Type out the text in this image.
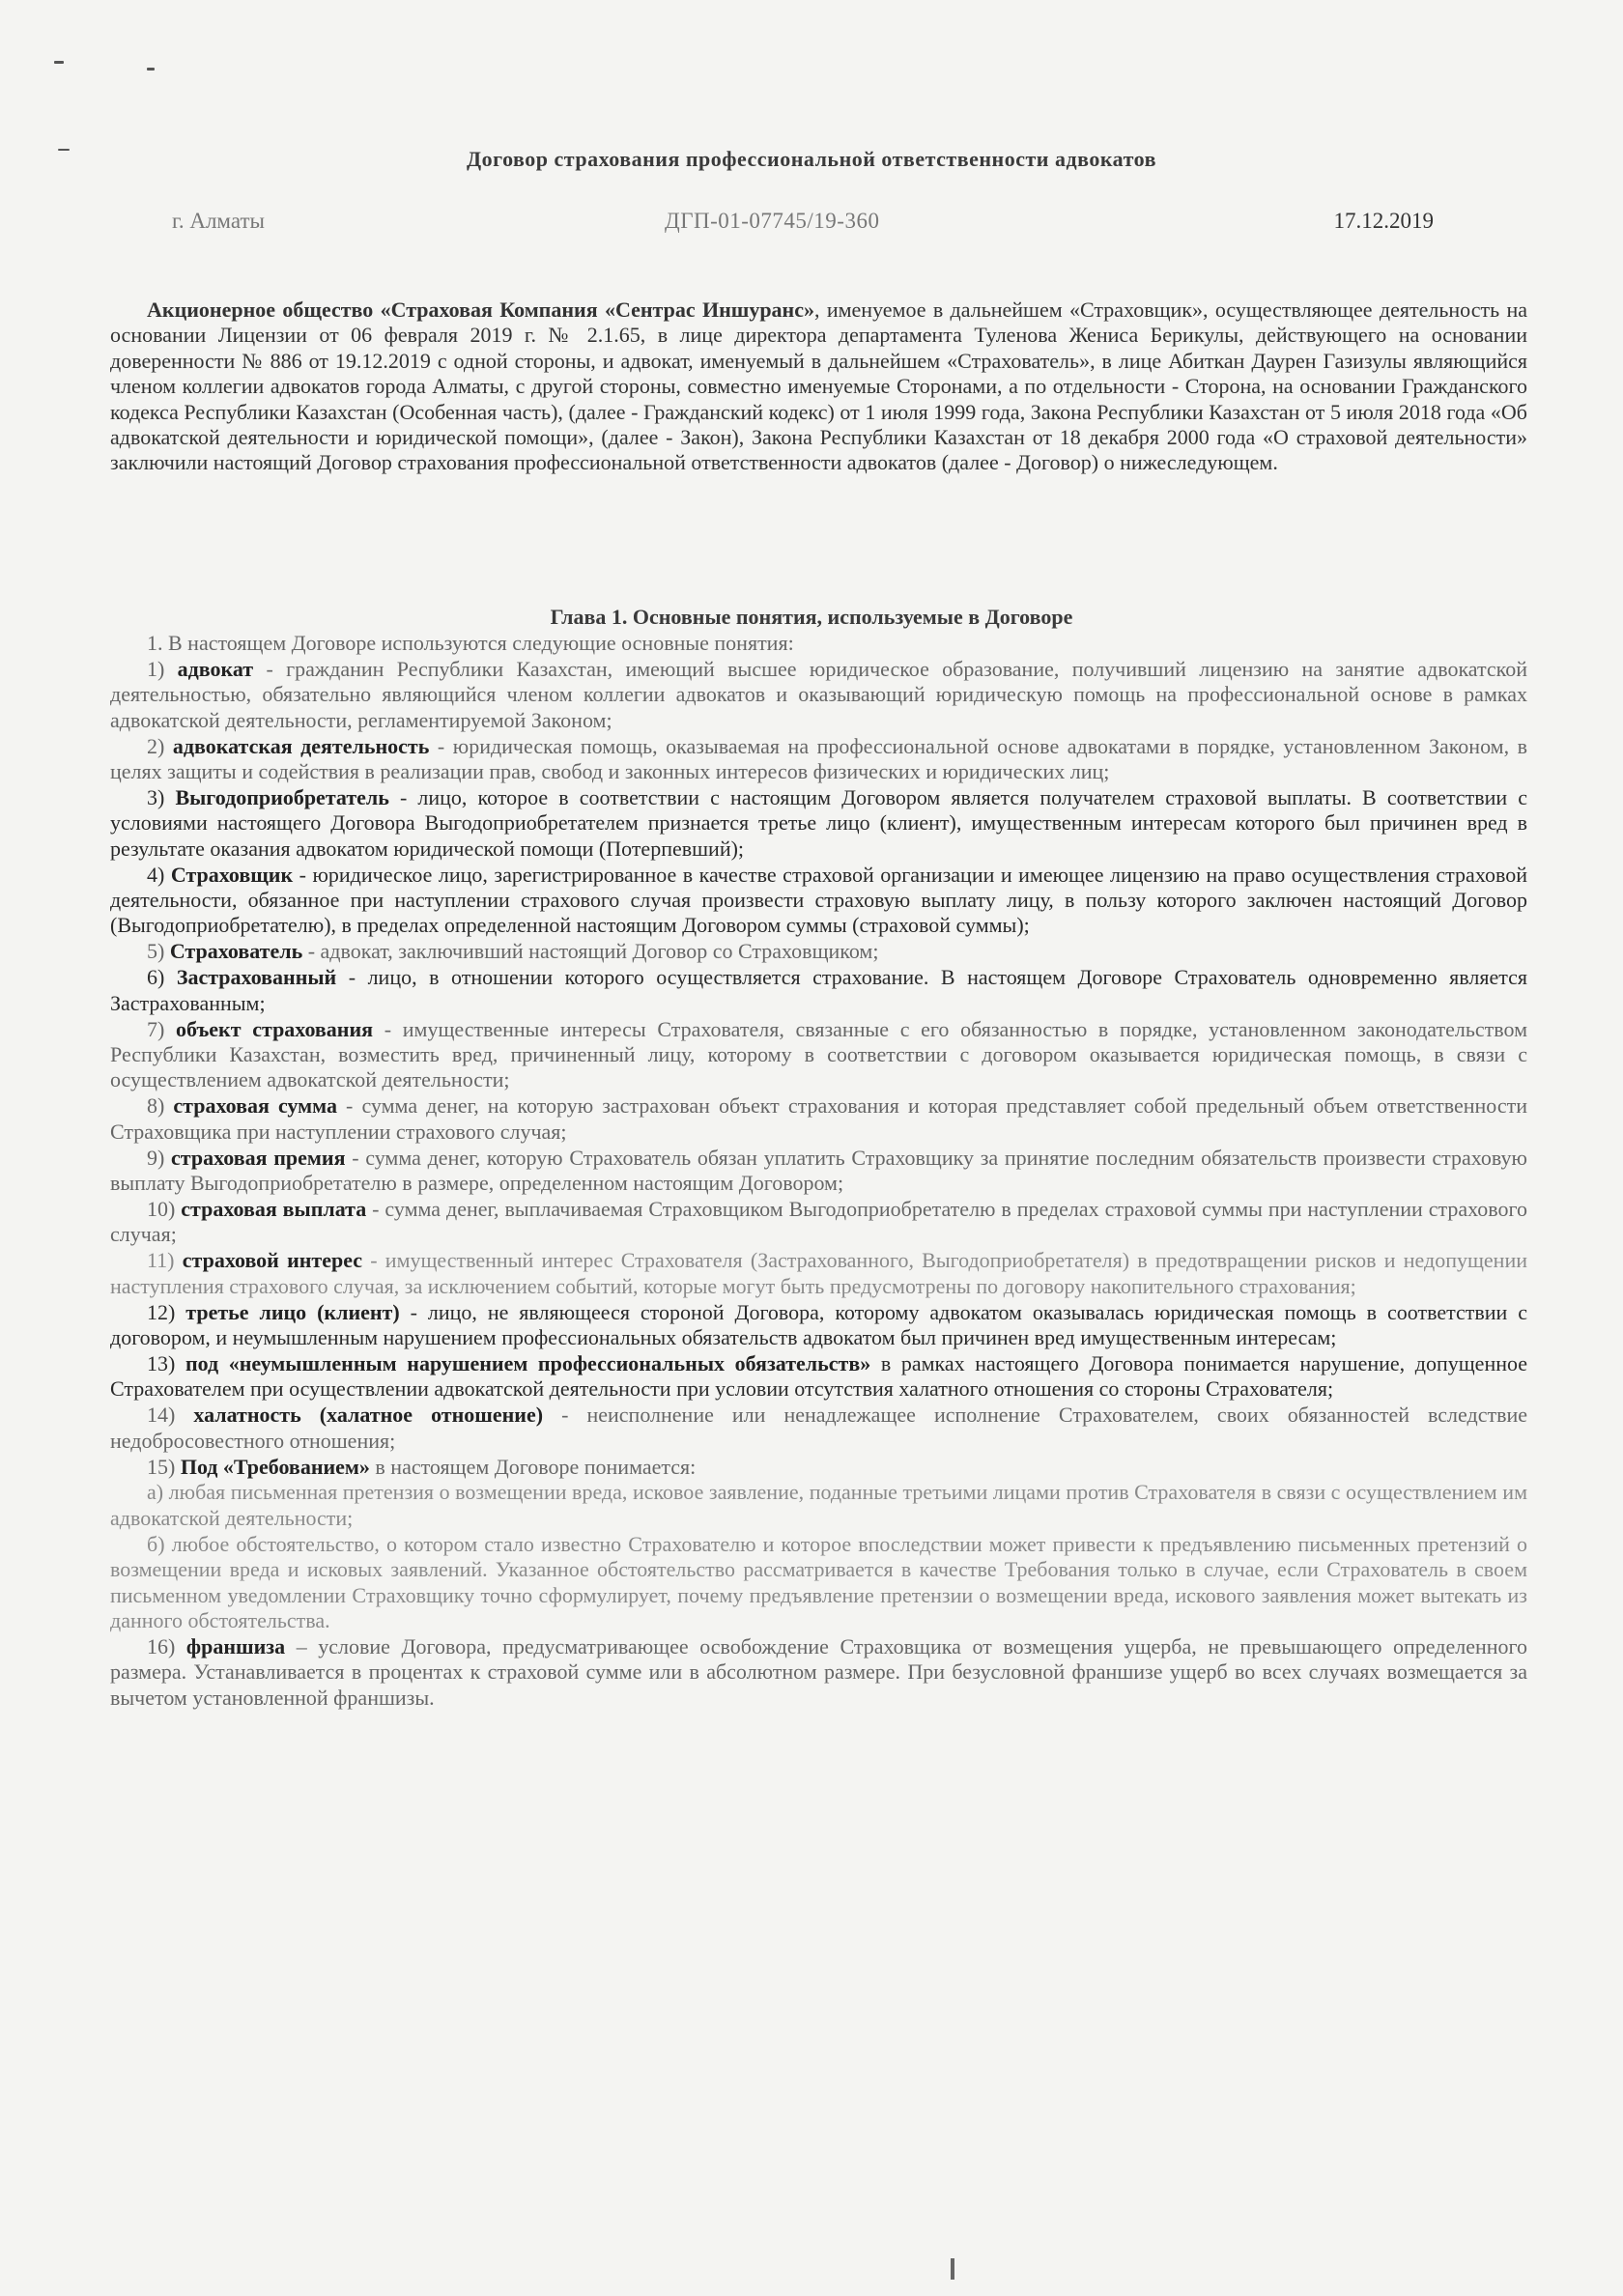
Договор страхования профессиональной ответственности адвокатов
г. Алматы	ДГП-01-07745/19-360	17.12.2019
Акционерное общество «Страховая Компания «Сентрас Иншуранс», именуемое в дальнейшем «Страховщик», осуществляющее деятельность на основании Лицензии от 06 февраля 2019 г. № 2.1.65, в лице директора департамента Туленова Жениса Берикулы, действующего на основании доверенности № 886 от 19.12.2019 с одной стороны, и адвокат, именуемый в дальнейшем «Страхователь», в лице Абиткан Даурен Газизулы являющийся членом коллегии адвокатов города Алматы, с другой стороны, совместно именуемые Сторонами, а по отдельности - Сторона, на основании Гражданского кодекса Республики Казахстан (Особенная часть), (далее - Гражданский кодекс) от 1 июля 1999 года, Закона Республики Казахстан от 5 июля 2018 года «Об адвокатской деятельности и юридической помощи», (далее - Закон), Закона Республики Казахстан от 18 декабря 2000 года «О страховой деятельности» заключили настоящий Договор страхования профессиональной ответственности адвокатов (далее - Договор) о нижеследующем.
Глава 1. Основные понятия, используемые в Договоре

1. В настоящем Договоре используются следующие основные понятия:

1) адвокат - гражданин Республики Казахстан, имеющий высшее юридическое образование, получивший лицензию на занятие адвокатской деятельностью, обязательно являющийся членом коллегии адвокатов и оказывающий юридическую помощь на профессиональной основе в рамках адвокатской деятельности, регламентируемой Законом;

2) адвокатская деятельность - юридическая помощь, оказываемая на профессиональной основе адвокатами в порядке, установленном Законом, в целях защиты и содействия в реализации прав, свобод и законных интересов физических и юридических лиц;

3) Выгодоприобретатель - лицо, которое в соответствии с настоящим Договором является получателем страховой выплаты. В соответствии с условиями настоящего Договора Выгодоприобретателем признается третье лицо (клиент), имущественным интересам которого был причинен вред в результате оказания адвокатом юридической помощи (Потерпевший);

4) Страховщик - юридическое лицо, зарегистрированное в качестве страховой организации и имеющее лицензию на право осуществления страховой деятельности, обязанное при наступлении страхового случая произвести страховую выплату лицу, в пользу которого заключен настоящий Договор (Выгодоприобретателю), в пределах определенной настоящим Договором суммы (страховой суммы);

5) Страхователь - адвокат, заключивший настоящий Договор со Страховщиком;

6) Застрахованный - лицо, в отношении которого осуществляется страхование. В настоящем Договоре Страхователь одновременно является Застрахованным;

7) объект страхования - имущественные интересы Страхователя, связанные с его обязанностью в порядке, установленном законодательством Республики Казахстан, возместить вред, причиненный лицу, которому в соответствии с договором оказывается юридическая помощь, в связи с осуществлением адвокатской деятельности;

8) страховая сумма - сумма денег, на которую застрахован объект страхования и которая представляет собой предельный объем ответственности Страховщика при наступлении страхового случая;

9) страховая премия - сумма денег, которую Страхователь обязан уплатить Страховщику за принятие последним обязательств произвести страховую выплату Выгодоприобретателю в размере, определенном настоящим Договором;

10) страховая выплата - сумма денег, выплачиваемая Страховщиком Выгодоприобретателю в пределах страховой суммы при наступлении страхового случая;

11) страховой интерес - имущественный интерес Страхователя (Застрахованного, Выгодоприобретателя) в предотвращении рисков и недопущении наступления страхового случая, за исключением событий, которые могут быть предусмотрены по договору накопительного страхования;

12) третье лицо (клиент) - лицо, не являющееся стороной Договора, которому адвокатом оказывалась юридическая помощь в соответствии с договором, и неумышленным нарушением профессиональных обязательств адвокатом был причинен вред имущественным интересам;

13) под «неумышленным нарушением профессиональных обязательств» в рамках настоящего Договора понимается нарушение, допущенное Страхователем при осуществлении адвокатской деятельности при условии отсутствия халатного отношения со стороны Страхователя;

14) халатность (халатное отношение) - неисполнение или ненадлежащее исполнение Страхователем, своих обязанностей вследствие недобросовестного отношения;

15) Под «Требованием» в настоящем Договоре понимается:

а) любая письменная претензия о возмещении вреда, исковое заявление, поданные третьими лицами против Страхователя в связи с осуществлением им адвокатской деятельности;

б) любое обстоятельство, о котором стало известно Страхователю и которое впоследствии может привести к предъявлению письменных претензий о возмещении вреда и исковых заявлений. Указанное обстоятельство рассматривается в качестве Требования только в случае, если Страхователь в своем письменном уведомлении Страховщику точно сформулирует, почему предъявление претензии о возмещении вреда, искового заявления может вытекать из данного обстоятельства.

16) франшиза – условие Договора, предусматривающее освобождение Страховщика от возмещения ущерба, не превышающего определенного размера. Устанавливается в процентах к страховой сумме или в абсолютном размере. При безусловной франшизе ущерб во всех случаях возмещается за вычетом установленной франшизы.
